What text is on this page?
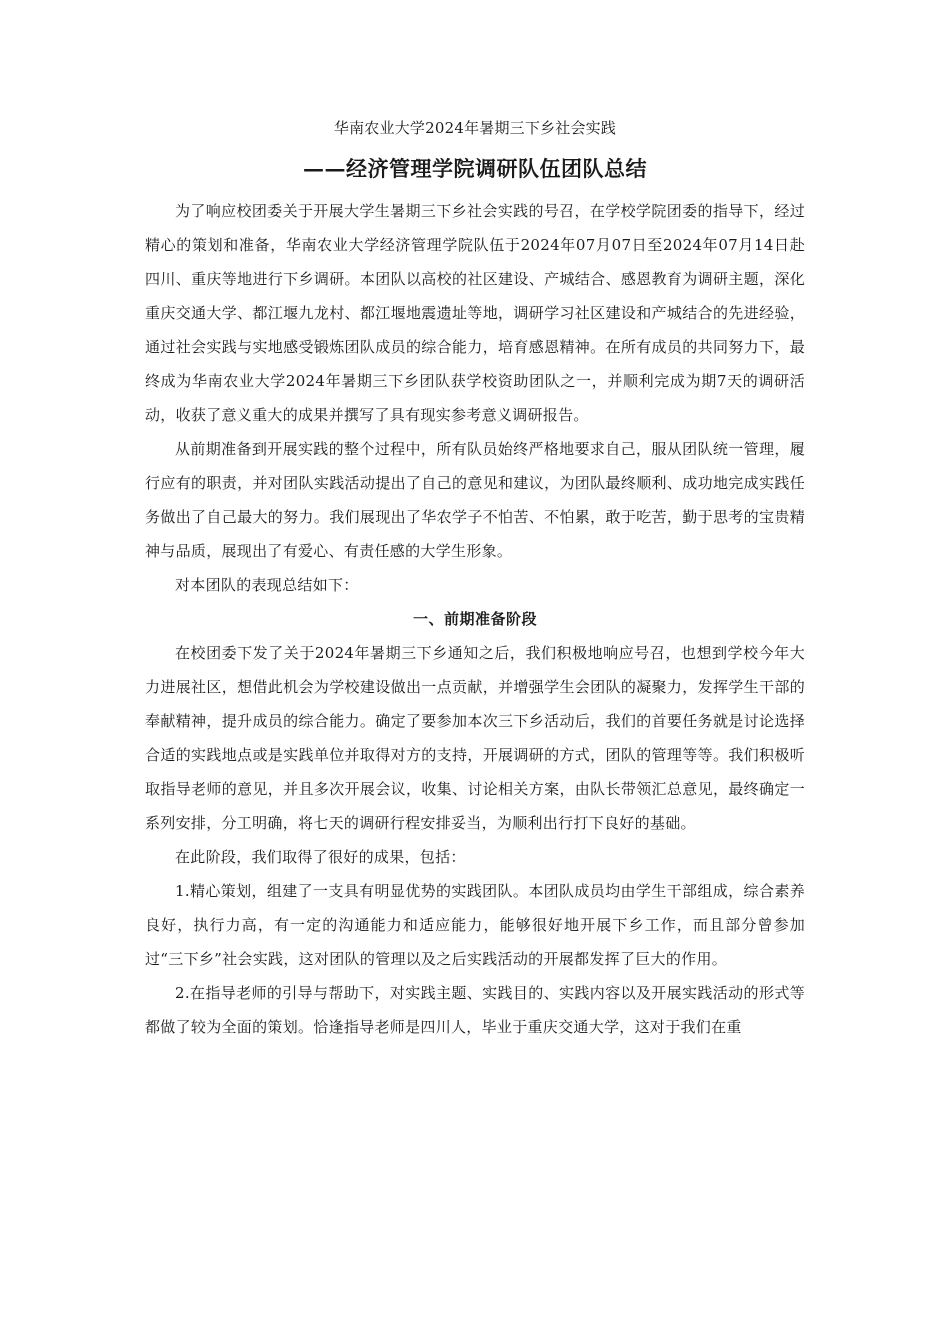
华南农业大学2024年暑期三下乡社会实践

——经济管理学院调研队伍团队总结

为了响应校团委关于开展大学生暑期三下乡社会实践的号召，在学校学院团委的指导下，经过精心的策划和准备，华南农业大学经济管理学院队伍于2024年07月07日至2024年07月14日赴四川、重庆等地进行下乡调研。本团队以高校的社区建设、产城结合、感恩教育为调研主题，深化重庆交通大学、都江堰九龙村、都江堰地震遗址等地，调研学习社区建设和产城结合的先进经验，通过社会实践与实地感受锻炼团队成员的综合能力，培育感恩精神。在所有成员的共同努力下，最终成为华南农业大学2024年暑期三下乡团队获学校资助团队之一，并顺利完成为期7天的调研活动，收获了意义重大的成果并撰写了具有现实参考意义调研报告。

从前期准备到开展实践的整个过程中，所有队员始终严格地要求自己，服从团队统一管理，履行应有的职责，并对团队实践活动提出了自己的意见和建议，为团队最终顺利、成功地完成实践任务做出了自己最大的努力。我们展现出了华农学子不怕苦、不怕累，敢于吃苦，勤于思考的宝贵精神与品质，展现出了有爱心、有责任感的大学生形象。

对本团队的表现总结如下：

一、前期准备阶段

在校团委下发了关于2024年暑期三下乡通知之后，我们积极地响应号召，也想到学校今年大力进展社区，想借此机会为学校建设做出一点贡献，并增强学生会团队的凝聚力，发挥学生干部的奉献精神，提升成员的综合能力。确定了要参加本次三下乡活动后，我们的首要任务就是讨论选择合适的实践地点或是实践单位并取得对方的支持，开展调研的方式，团队的管理等等。我们积极听取指导老师的意见，并且多次开展会议，收集、讨论相关方案，由队长带领汇总意见，最终确定一系列安排，分工明确，将七天的调研行程安排妥当，为顺利出行打下良好的基础。

在此阶段，我们取得了很好的成果，包括：

1.精心策划，组建了一支具有明显优势的实践团队。本团队成员均由学生干部组成，综合素养良好，执行力高，有一定的沟通能力和适应能力，能够很好地开展下乡工作，而且部分曾参加过“三下乡”社会实践，这对团队的管理以及之后实践活动的开展都发挥了巨大的作用。

2.在指导老师的引导与帮助下，对实践主题、实践目的、实践内容以及开展实践活动的形式等都做了较为全面的策划。恰逢指导老师是四川人，毕业于重庆交通大学，这对于我们在重
